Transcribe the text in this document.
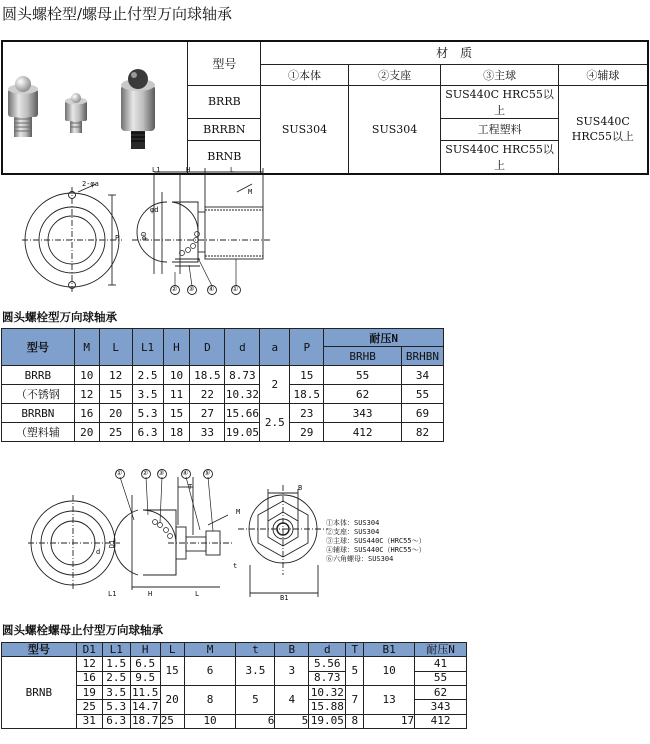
圆头螺栓型/螺母止付型万向球轴承
	型号	材　质			
		①本体	②支座	③主球	④辅球
	BRRB	SUS304	SUS304	SUS440C HRC55以上	SUS440C
HRC55以上

	BRRBN			工程塑料	
	BRNB			SUS440C HRC55以上	
L1	H	L
M
φd
φD
P
2-φa
圆头螺栓型万向球轴承
型号	M	L	L1	H	D	d	a	P	耐压N	
									BRHB	BRHBN
BRRB	10	12	2.5	10	18.5	8.73	2	15	55	34
（不锈钢	12	15	3.5	11	22	10.32		18.5	62	55
BRRBN	16	20	5.3	15	27	15.66	2.5	23	343	69
（塑料辅	20	25	6.3	18	33	19.05		29	412	82
L1	H	L
T
M
t
d
D1
B
B1
①本体：SUS304
②支座：SUS304
③主球：SUS440C（HRC55～）
④辅球：SUS440C（HRC55～）
⑥六角螺母：SUS304
圆头螺栓螺母止付型万向球轴承
型号	D1	L1	H	L	M	t	B	d	T	B1	耐压N
BRNB	12	1.5	6.5	15	6	3.5	3	5.56	5	10	41
	16	2.5	9.5					8.73			55
	19	3.5	11.5	20	8	5	4	10.32	7	13	62
	25	5.3	14.7					15.88			343
	31	6.3	18.7	25	10	6	5	19.05	8	17	412
② ③ ④	①
①	② ③	④ ⑤
